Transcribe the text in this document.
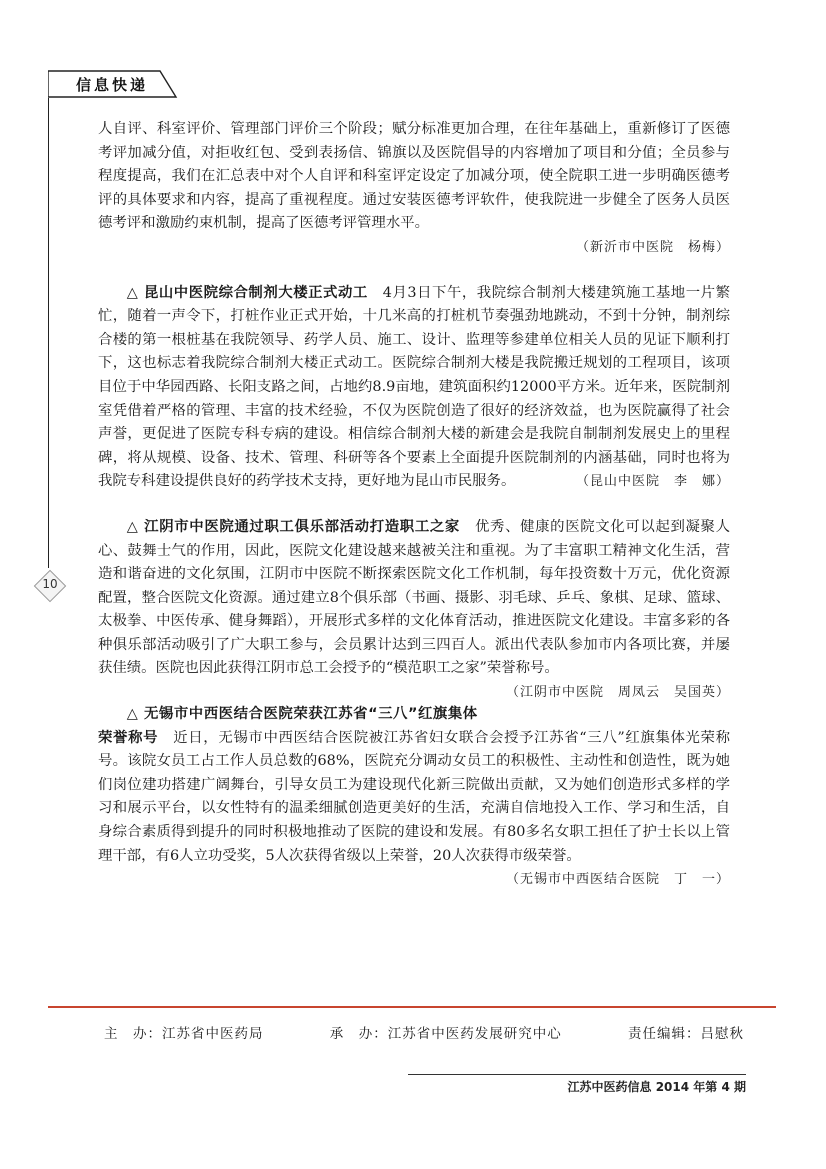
信息快递
10

人自评、科室评价、管理部门评价三个阶段；赋分标准更加合理，在往年基础上，重新修订了医德考评加减分值，对拒收红包、受到表扬信、锦旗以及医院倡导的内容增加了项目和分值；全员参与程度提高，我们在汇总表中对个人自评和科室评定设定了加减分项，使全院职工进一步明确医德考评的具体要求和内容，提高了重视程度。通过安装医德考评软件，使我院进一步健全了医务人员医德考评和激励约束机制，提高了医德考评管理水平。

（新沂市中医院　杨梅）

△ 昆山中医院综合制剂大楼正式动工　 4月3日下午，我院综合制剂大楼建筑施工基地一片繁忙，随着一声令下，打桩作业正式开始，十几米高的打桩机节奏强劲地跳动，不到十分钟，制剂综合楼的第一根桩基在我院领导、药学人员、施工、设计、监理等参建单位相关人员的见证下顺利打下，这也标志着我院综合制剂大楼正式动工。医院综合制剂大楼是我院搬迁规划的工程项目，该项目位于中华园西路、长阳支路之间，占地约8.9亩地，建筑面积约12000平方米。近年来，医院制剂室凭借着严格的管理、丰富的技术经验，不仅为医院创造了很好的经济效益，也为医院赢得了社会声誉，更促进了医院专科专病的建设。相信综合制剂大楼的新建会是我院自制制剂发展史上的里程碑，将从规模、设备、技术、管理、科研等各个要素上全面提升医院制剂的内涵基础，同时也将为我院专科建设提供良好的药学技术支持，更好地为昆山市民服务。	（昆山中医院　李　娜）

△ 江阴市中医院通过职工俱乐部活动打造职工之家　 优秀、健康的医院文化可以起到凝聚人心、鼓舞士气的作用，因此，医院文化建设越来越被关注和重视。为了丰富职工精神文化生活，营造和谐奋进的文化氛围，江阴市中医院不断探索医院文化工作机制，每年投资数十万元，优化资源配置，整合医院文化资源。通过建立8个俱乐部（书画、摄影、羽毛球、乒乓、象棋、足球、篮球、太极拳、中医传承、健身舞蹈），开展形式多样的文化体育活动，推进医院文化建设。丰富多彩的各种俱乐部活动吸引了广大职工参与，会员累计达到三四百人。派出代表队参加市内各项比赛，并屡获佳绩。医院也因此获得江阴市总工会授予的“模范职工之家”荣誉称号。
（江阴市中医院　周凤云　吴国英）

△ 无锡市中西医结合医院荣获江苏省“三八”红旗集体荣誉称号　 近日，无锡市中西医结合医院被江苏省妇女联合会授予江苏省“三八”红旗集体光荣称号。该院女员工占工作人员总数的68%，医院充分调动女员工的积极性、主动性和创造性，既为她们岗位建功搭建广阔舞台，引导女员工为建设现代化新三院做出贡献，又为她们创造形式多样的学习和展示平台，以女性特有的温柔细腻创造更美好的生活，充满自信地投入工作、学习和生活，自身综合素质得到提升的同时积极地推动了医院的建设和发展。有80多名女职工担任了护士长以上管理干部，有6人立功受奖，5人次获得省级以上荣誉，20人次获得市级荣誉。

（无锡市中西医结合医院　丁　一）

主　办：江苏省中医药局	承　办：江苏省中医药发展研究中心	责任编辑：吕慰秋
江苏中医药信息 2014 年第 4 期
